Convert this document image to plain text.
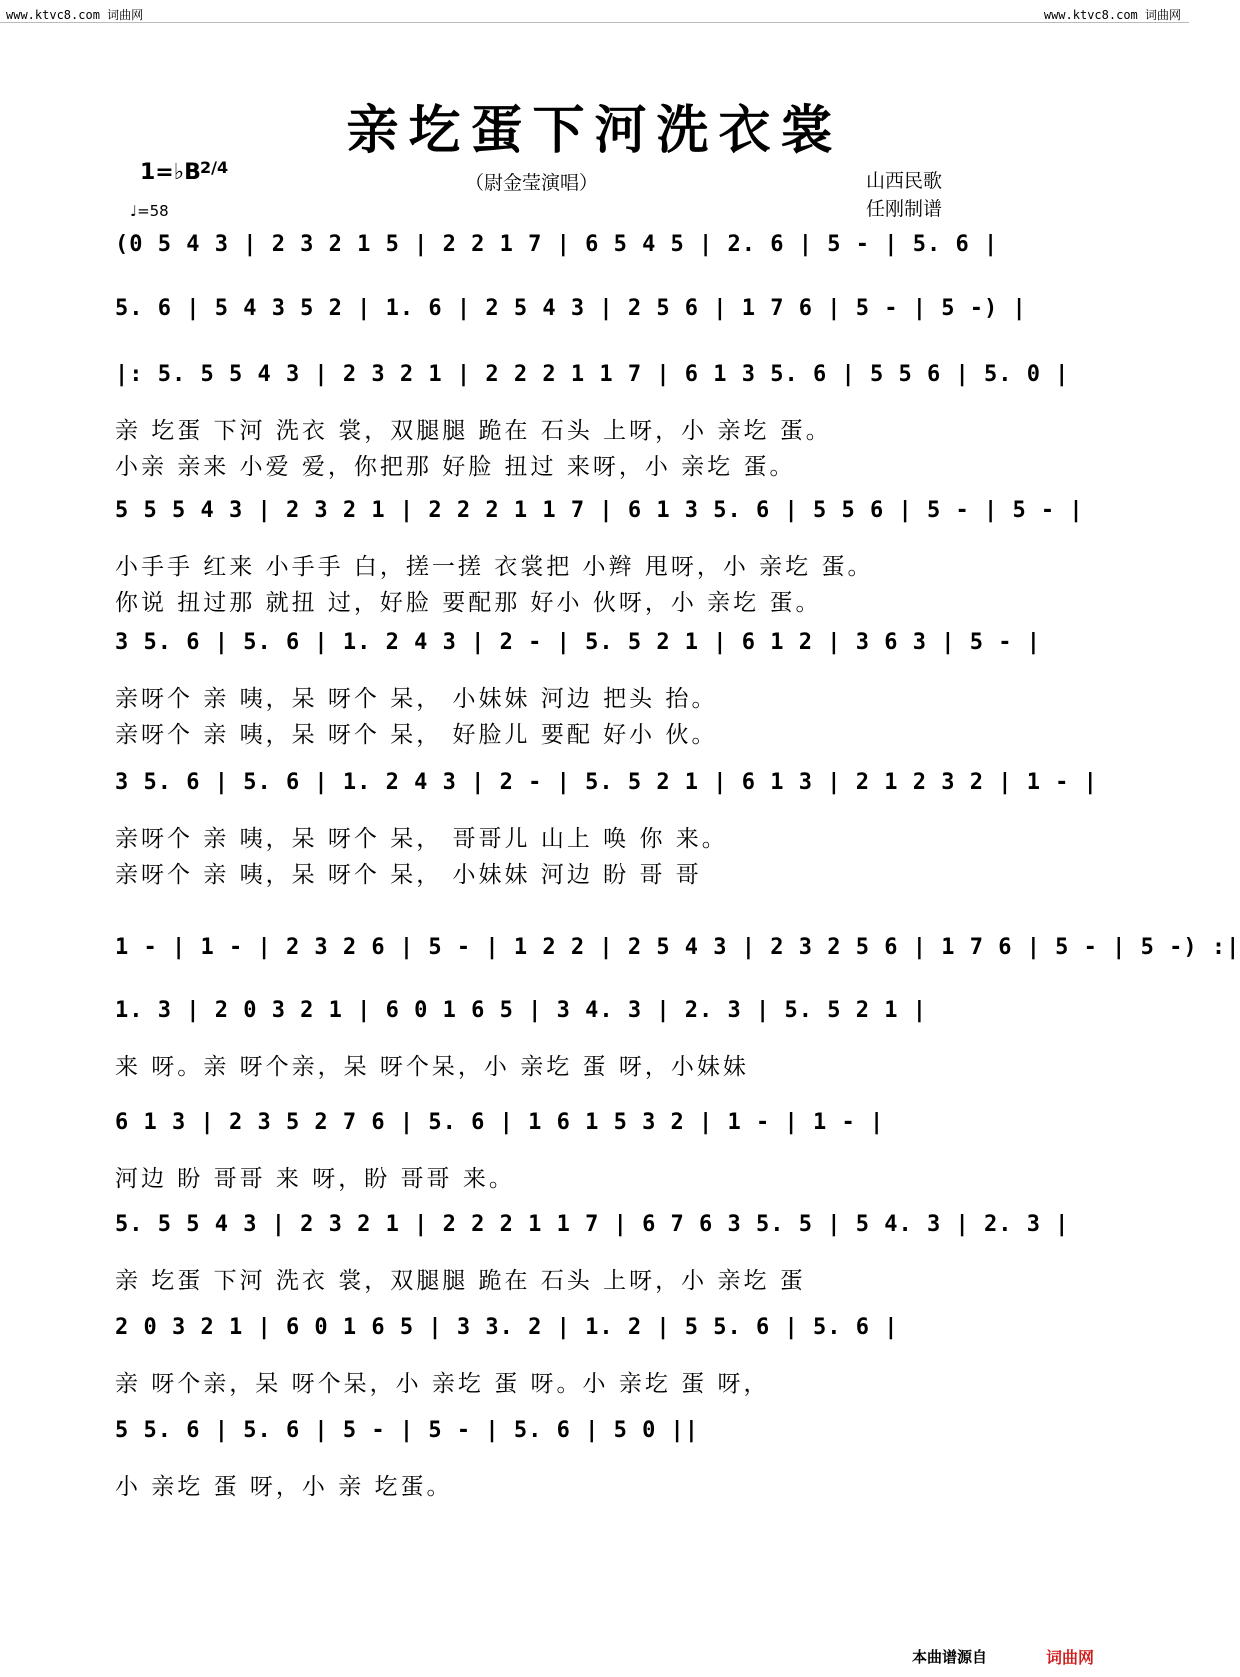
www.ktvc8.com 词曲网	www.ktvc8.com 词曲网
亲圪蛋下河洗衣裳
1=♭B 2/4
♩=58
（尉金莹演唱）	山西民歌
任刚制谱
(0 5 4 3 | 2 3 2 1 5 | 2 2 1 7 | 6 5 4 5 | 2. 6 | 5 - | 5. 6 |
5. 6 | 5 4 3 5 2 | 1. 6 | 2 5 4 3 | 2 5 6 | 1 7 6 | 5 - | 5 -) |
|: 5. 5 5 4 3 | 2 3 2 1 | 2 2 2 1 1 7 | 6 1 3 5. 6 | 5 5 6 | 5. 0 |
亲 圪蛋 下河 洗衣 裳，双腿腿 跪在 石头 上呀，小 亲圪 蛋。
小亲 亲来 小爱 爱，你把那 好脸 扭过 来呀，小 亲圪 蛋。
5 5 5 4 3 | 2 3 2 1 | 2 2 2 1 1 7 | 6 1 3 5. 6 | 5 5 6 | 5 - | 5 - |
小手手 红来 小手手 白，搓一搓 衣裳把 小辫 甩呀，小 亲圪 蛋。
你说 扭过那 就扭 过，好脸 要配那 好小 伙呀，小 亲圪 蛋。
3 5. 6 | 5. 6 | 1. 2 4 3 | 2 - | 5. 5 2 1 | 6 1 2 | 3 6 3 | 5 - |
亲呀个 亲 咦，呆 呀个 呆， 小妹妹 河边 把头 抬。
亲呀个 亲 咦，呆 呀个 呆， 好脸儿 要配 好小 伙。
3 5. 6 | 5. 6 | 1. 2 4 3 | 2 - | 5. 5 2 1 | 6 1 3 | 2 1 2 3 2 | 1 - |
亲呀个 亲 咦，呆 呀个 呆， 哥哥儿 山上 唤 你 来。
亲呀个 亲 咦，呆 呀个 呆， 小妹妹 河边 盼 哥 哥
1 - | 1 - | 2 3 2 6 | 5 - | 1 2 2 | 2 5 4 3 | 2 3 2 5 6 | 1 7 6 | 5 - | 5 -) :|
1. 3 | 2 0 3 2 1 | 6 0 1 6 5 | 3 4. 3 | 2. 3 | 5. 5 2 1 |
来 呀。亲 呀个亲，呆 呀个呆，小 亲圪 蛋 呀，小妹妹
6 1 3 | 2 3 5 2 7 6 | 5. 6 | 1 6 1 5 3 2 | 1 - | 1 - |
河边 盼 哥哥 来 呀，盼 哥哥 来。
5. 5 5 4 3 | 2 3 2 1 | 2 2 2 1 1 7 | 6 7 6 3 5. 5 | 5 4. 3 | 2. 3 |
亲 圪蛋 下河 洗衣 裳，双腿腿 跪在 石头 上呀，小 亲圪 蛋
2 0 3 2 1 | 6 0 1 6 5 | 3 3. 2 | 1. 2 | 5 5. 6 | 5. 6 |
亲 呀个亲，呆 呀个呆，小 亲圪 蛋 呀。小 亲圪 蛋 呀，
5 5. 6 | 5. 6 | 5 - | 5 - | 5. 6 | 5 0 ||
小 亲圪 蛋 呀，小 亲 圪蛋。
本曲谱源自	词曲网
